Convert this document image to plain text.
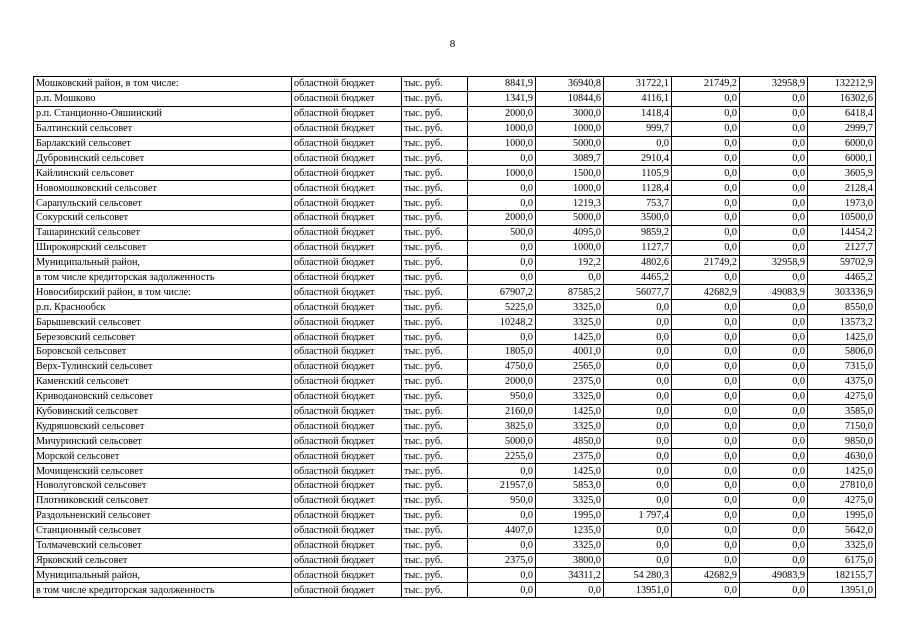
8
Мошковский район, в том числе:	областной бюджет	тыс. руб.	8841,9	36940,8	31722,1	21749,2	32958,9	132212,9
р.п. Мошково	областной бюджет	тыс. руб.	1341,9	10844,6	4116,1	0,0	0,0	16302,6
р.п. Станционно-Ояшинский	областной бюджет	тыс. руб.	2000,0	3000,0	1418,4	0,0	0,0	6418,4
Балтинский сельсовет	областной бюджет	тыс. руб.	1000,0	1000,0	999,7	0,0	0,0	2999,7
Барлакский сельсовет	областной бюджет	тыс. руб.	1000,0	5000,0	0,0	0,0	0,0	6000,0
Дубровинский сельсовет	областной бюджет	тыс. руб.	0,0	3089,7	2910,4	0,0	0,0	6000,1
Кайлинский сельсовет	областной бюджет	тыс. руб.	1000,0	1500,0	1105,9	0,0	0,0	3605,9
Новомошковский сельсовет	областной бюджет	тыс. руб.	0,0	1000,0	1128,4	0,0	0,0	2128,4
Сарапульский сельсовет	областной бюджет	тыс. руб.	0,0	1219,3	753,7	0,0	0,0	1973,0
Сокурский сельсовет	областной бюджет	тыс. руб.	2000,0	5000,0	3500,0	0,0	0,0	10500,0
Ташаринский сельсовет	областной бюджет	тыс. руб.	500,0	4095,0	9859,2	0,0	0,0	14454,2
Широкоярский сельсовет	областной бюджет	тыс. руб.	0,0	1000,0	1127,7	0,0	0,0	2127,7
Муниципальный район,	областной бюджет	тыс. руб.	0,0	192,2	4802,6	21749,2	32958,9	59702,9
в том числе кредиторская задолженность	областной бюджет	тыс. руб.	0,0	0,0	4465,2	0,0	0,0	4465,2
Новосибирский район, в том числе:	областной бюджет	тыс. руб.	67907,2	87585,2	56077,7	42682,9	49083,9	303336,9
р.п. Краснообск	областной бюджет	тыс. руб.	5225,0	3325,0	0,0	0,0	0,0	8550,0
Барышевский сельсовет	областной бюджет	тыс. руб.	10248,2	3325,0	0,0	0,0	0,0	13573,2
Березовский сельсовет	областной бюджет	тыс. руб.	0,0	1425,0	0,0	0,0	0,0	1425,0
Боровской сельсовет	областной бюджет	тыс. руб.	1805,0	4001,0	0,0	0,0	0,0	5806,0
Верх-Тулинский сельсовет	областной бюджет	тыс. руб.	4750,0	2565,0	0,0	0,0	0,0	7315,0
Каменский сельсовет	областной бюджет	тыс. руб.	2000,0	2375,0	0,0	0,0	0,0	4375,0
Криводановский сельсовет	областной бюджет	тыс. руб.	950,0	3325,0	0,0	0,0	0,0	4275,0
Кубовинский сельсовет	областной бюджет	тыс. руб.	2160,0	1425,0	0,0	0,0	0,0	3585,0
Кудряшовский сельсовет	областной бюджет	тыс. руб.	3825,0	3325,0	0,0	0,0	0,0	7150,0
Мичуринский сельсовет	областной бюджет	тыс. руб.	5000,0	4850,0	0,0	0,0	0,0	9850,0
Морской сельсовет	областной бюджет	тыс. руб.	2255,0	2375,0	0,0	0,0	0,0	4630,0
Мочищенский сельсовет	областной бюджет	тыс. руб.	0,0	1425,0	0,0	0,0	0,0	1425,0
Новолуговской сельсовет	областной бюджет	тыс. руб.	21957,0	5853,0	0,0	0,0	0,0	27810,0
Плотниковский сельсовет	областной бюджет	тыс. руб.	950,0	3325,0	0,0	0,0	0,0	4275,0
Раздольненский сельсовет	областной бюджет	тыс. руб.	0,0	1995,0	1 797,4	0,0	0,0	1995,0
Станционный сельсовет	областной бюджет	тыс. руб.	4407,0	1235,0	0,0	0,0	0,0	5642,0
Толмачевский сельсовет	областной бюджет	тыс. руб.	0,0	3325,0	0,0	0,0	0,0	3325,0
Ярковский сельсовет	областной бюджет	тыс. руб.	2375,0	3800,0	0,0	0,0	0,0	6175,0
Муниципальный район,	областной бюджет	тыс. руб.	0,0	34311,2	54 280,3	42682,9	49083,9	182155,7
в том числе кредиторская задолженность	областной бюджет	тыс. руб.	0,0	0,0	13951,0	0,0	0,0	13951,0
